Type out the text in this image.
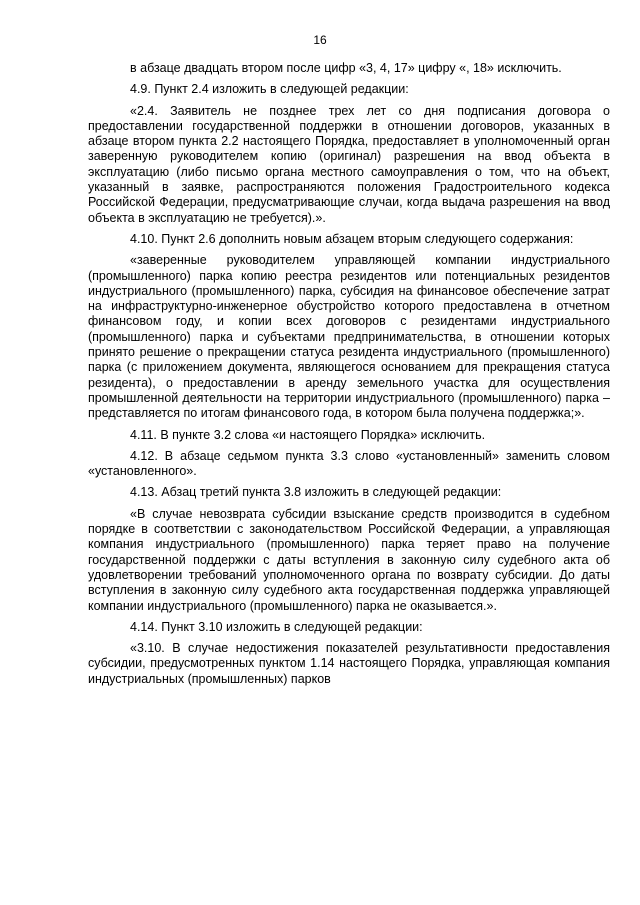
16

в абзаце двадцать втором после цифр «3, 4, 17» цифру «, 18» исключить.

4.9. Пункт 2.4 изложить в следующей редакции:

«2.4. Заявитель не позднее трех лет со дня подписания договора о предоставлении государственной поддержки в отношении договоров, указанных в абзаце втором пункта 2.2 настоящего Порядка, предоставляет в уполномоченный орган заверенную руководителем копию (оригинал) разрешения на ввод объекта в эксплуатацию (либо письмо органа местного самоуправления о том, что на объект, указанный в заявке, распространяются положения Градостроительного кодекса Российской Федерации, предусматривающие случаи, когда выдача разрешения на ввод объекта в эксплуатацию не требуется).».

4.10. Пункт 2.6 дополнить новым абзацем вторым следующего содержания:

«заверенные руководителем управляющей компании индустриального (промышленного) парка копию реестра резидентов или потенциальных резидентов индустриального (промышленного) парка, субсидия на финансовое обеспечение затрат на инфраструктурно-инженерное обустройство которого предоставлена в отчетном финансовом году, и копии всех договоров с резидентами индустриального (промышленного) парка и субъектами предпринимательства, в отношении которых принято решение о прекращении статуса резидента индустриального (промышленного) парка (с приложением документа, являющегося основанием для прекращения статуса резидента), о предоставлении в аренду земельного участка для осуществления промышленной деятельности на территории индустриального (промышленного) парка – представляется по итогам финансового года, в котором была получена поддержка;».

4.11. В пункте 3.2 слова «и настоящего Порядка» исключить.

4.12. В абзаце седьмом пункта 3.3 слово «установленный» заменить словом «установленного».

4.13. Абзац третий пункта 3.8 изложить в следующей редакции:

«В случае невозврата субсидии взыскание средств производится в судебном порядке в соответствии с законодательством Российской Федерации, а управляющая компания индустриального (промышленного) парка теряет право на получение государственной поддержки с даты вступления в законную силу судебного акта об удовлетворении требований уполномоченного органа по возврату субсидии. До даты вступления в законную силу судебного акта государственная поддержка управляющей компании индустриального (промышленного) парка не оказывается.».

4.14. Пункт 3.10 изложить в следующей редакции:

«3.10. В случае недостижения показателей результативности предоставления субсидии, предусмотренных пунктом 1.14 настоящего Порядка, управляющая компания индустриальных (промышленных) парков
